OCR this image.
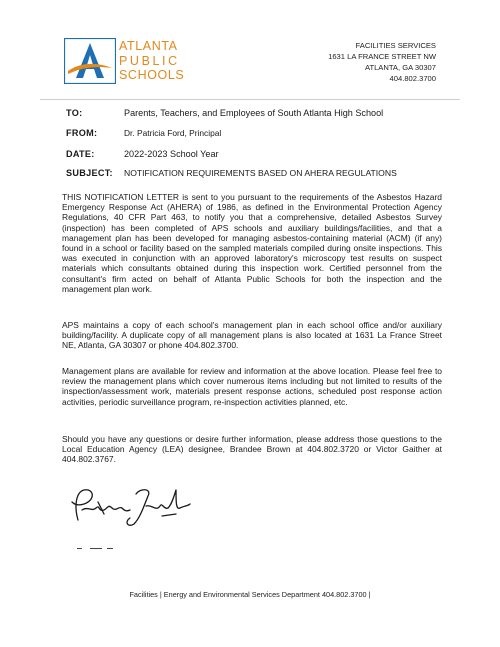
ATLANTA
PUBLIC
SCHOOLS
FACILITIES SERVICES
1631 LA FRANCE STREET NW
ATLANTA, GA 30307
404.802.3700
TO:	Parents, Teachers, and Employees of South Atlanta High School
FROM:	Dr. Patricia Ford, Principal
DATE:	2022-2023 School Year
SUBJECT: NOTIFICATION REQUIREMENTS BASED ON AHERA REGULATIONS

THIS NOTIFICATION LETTER is sent to you pursuant to the requirements of the Asbestos Hazard Emergency Response Act (AHERA) of 1986, as defined in the Environmental Protection Agency Regulations, 40 CFR Part 463, to notify you that a comprehensive, detailed Asbestos Survey (inspection) has been completed of APS schools and auxiliary buildings/facilities, and that a management plan has been developed for managing asbestos-containing material (ACM) (if any) found in a school or facility based on the sampled materials compiled during onsite inspections. This was executed in conjunction with an approved laboratory's microscopy test results on suspect materials which consultants obtained during this inspection work. Certified personnel from the consultant's firm acted on behalf of Atlanta Public Schools for both the inspection and the management plan work.

APS maintains a copy of each school's management plan in each school office and/or auxiliary building/facility. A duplicate copy of all management plans is also located at 1631 La France Street NE, Atlanta, GA 30307 or phone 404.802.3700.

Management plans are available for review and information at the above location. Please feel free to review the management plans which cover numerous items including but not limited to results of the inspection/assessment work, materials present response actions, scheduled post response action activities, periodic surveillance program, re-inspection activities planned, etc.

Should you have any questions or desire further information, please address those questions to the Local Education Agency (LEA) designee, Brandee Brown at 404.802.3720 or Victor Gaither at 404.802.3767.

Facilities | Energy and Environmental Services Department 404.802.3700 |
